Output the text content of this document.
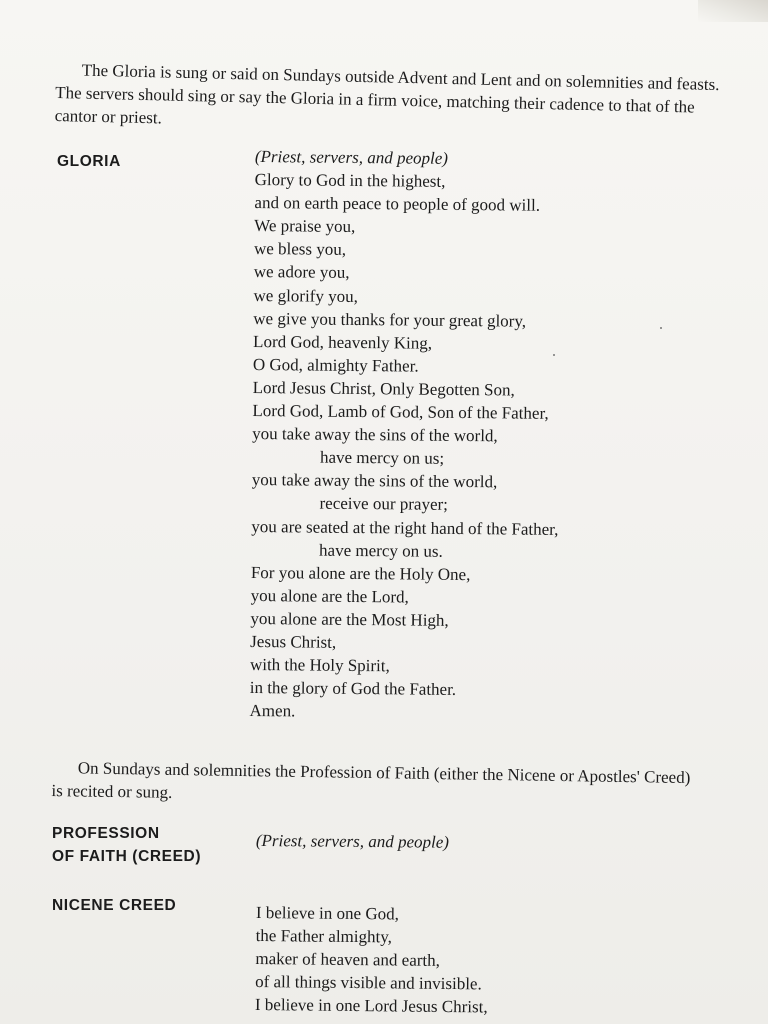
The Gloria is sung or said on Sundays outside Advent and Lent and on solemnities and feasts. The servers should sing or say the Gloria in a firm voice, matching their cadence to that of the cantor or priest.

GLORIA	(Priest, servers, and people)
Glory to God in the highest,
and on earth peace to people of good will.
We praise you,
we bless you,
we adore you,
we glorify you,
we give you thanks for your great glory,
Lord God, heavenly King,
O God, almighty Father.
Lord Jesus Christ, Only Begotten Son,
Lord God, Lamb of God, Son of the Father,
you take away the sins of the world,
have mercy on us;
you take away the sins of the world,
receive our prayer;
you are seated at the right hand of the Father,
have mercy on us.
For you alone are the Holy One,
you alone are the Lord,
you alone are the Most High,
Jesus Christ,
with the Holy Spirit,
in the glory of God the Father.
Amen.

On Sundays and solemnities the Profession of Faith (either the Nicene or Apostles' Creed) is recited or sung.

PROFESSION
OF FAITH (CREED)

(Priest, servers, and people)

NICENE CREED	I believe in one God,
the Father almighty,
maker of heaven and earth,
of all things visible and invisible.
I believe in one Lord Jesus Christ,
